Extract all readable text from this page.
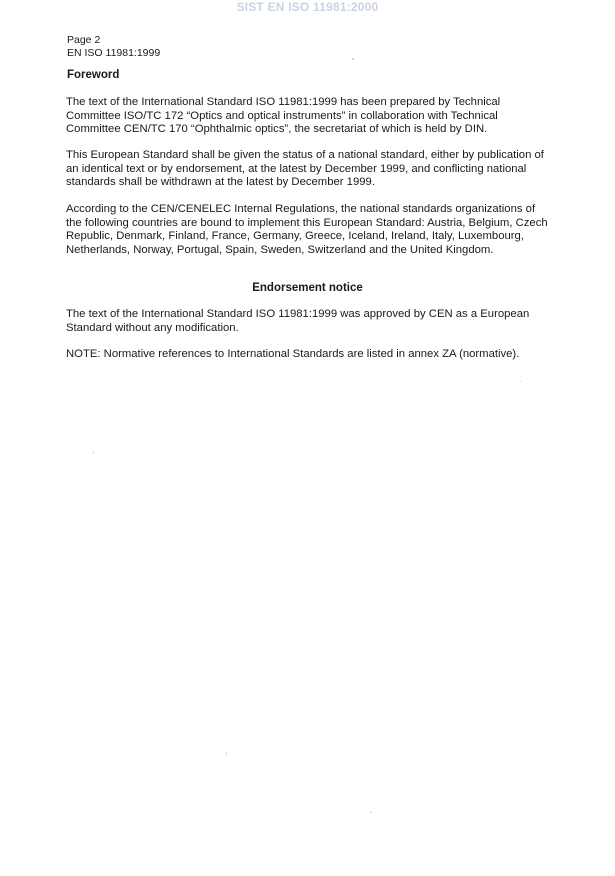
SIST EN ISO 11981:2000
Page 2
EN ISO 11981:1999
Foreword
The text of the International Standard ISO 11981:1999 has been prepared by Technical Committee ISO/TC 172 “Optics and optical instruments” in collaboration with Technical Committee CEN/TC 170 “Ophthalmic optics”, the secretariat of which is held by DIN.
This European Standard shall be given the status of a national standard, either by publication of an identical text or by endorsement, at the latest by December 1999, and conflicting national standards shall be withdrawn at the latest by December 1999.
According to the CEN/CENELEC Internal Regulations, the national standards organizations of the following countries are bound to implement this European Standard: Austria, Belgium, Czech Republic, Denmark, Finland, France, Germany, Greece, Iceland, Ireland, Italy, Luxembourg, Netherlands, Norway, Portugal, Spain, Sweden, Switzerland and the United Kingdom.
Endorsement notice
The text of the International Standard ISO 11981:1999 was approved by CEN as a European Standard without any modification.
NOTE: Normative references to International Standards are listed in annex ZA (normative).
⋅ ⋅⋅
⋅⋅ ⋅
⋅ ⋅ ⋅⋅ ⋅ ⋅ ⋅
⋅ ⋅⋅ ⋅ ⋅ ⋅
⋅ ⋅ ⋅ ⋅ ⋅ ⋅ ⋅ ⋅ ⋅
⋅ ⋅ ⋅ ⋅ ⋅
